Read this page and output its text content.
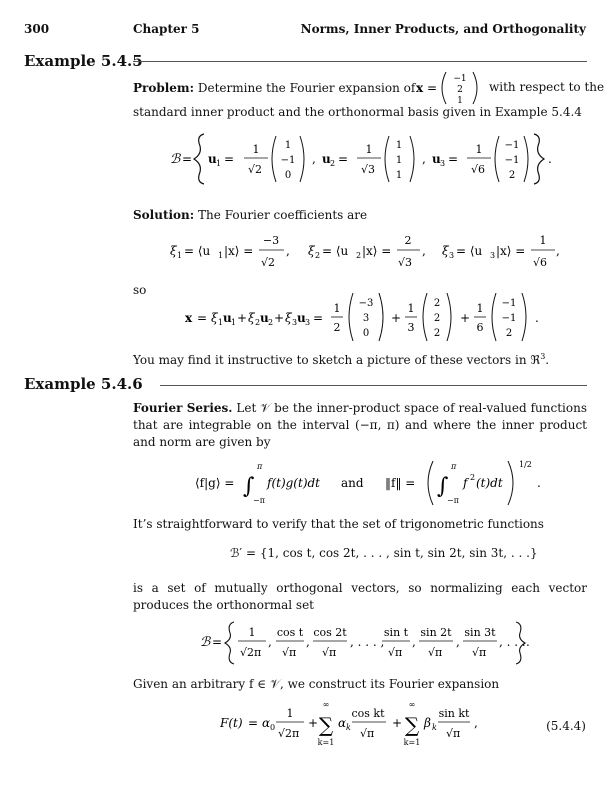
300	Chapter 5	Norms, Inner Products, and Orthogonality
Example 5.4.5
Problem: Determine the Fourier expansion of x =
−1
2
1
with respect to the
standard inner product and the orthonormal basis given in Example 5.4.4
ℬ = u 1 =
1
√2
1
−1
0
, u 2 =
1
√3
1
1
1
, u 3 =
1
√6
−1
−1
2
.
Solution: The Fourier coefficients are
ξ 1 = ⟨u 1 |x⟩ =
−3
√2
, ξ 2 = ⟨u 2 |x⟩ =
2
√3
, ξ 3 = ⟨u 3 |x⟩ =
1
√6
,
so
x = ξ 1 u 1 + ξ 2 u 2 + ξ 3 u 3 =
1
2
−3
3
0
+
1
3
2
2
2
+
1
6
−1
−1
2
.
You may find it instructive to sketch a picture of these vectors in ℜ$^3$.
Example 5.4.6
Fourier Series. Let 𝒱 be the inner-product space of real-valued functions that are integrable on the interval (−π, π) and where the inner product and norm are given by
⟨f|g⟩ = ∫
π
−π
f(t)g(t)dt and ‖f‖ = ∫
π
−π
f 2 (t)dt
1/2
.
It’s straightforward to verify that the set of trigonometric functions
ℬ′ = {1, cos t, cos 2t, . . . , sin t, sin 2t, sin 3t, . . .}
is a set of mutually orthogonal vectors, so normalizing each vector produces the orthonormal set
ℬ =
1
√2π
,
cos t
√π
,
cos 2t
√π
, . . . ,
sin t
√π
,
sin 2t
√π
,
sin 3t
√π
, . . . .
Given an arbitrary f ∈ 𝒱, we construct its Fourier expansion
F(t) = α 0
1
√2π
+
∞
∑
k=1
α k
cos kt
√π
+
∞
∑
k=1
β k
sin kt
√π
,	(5.4.4)
